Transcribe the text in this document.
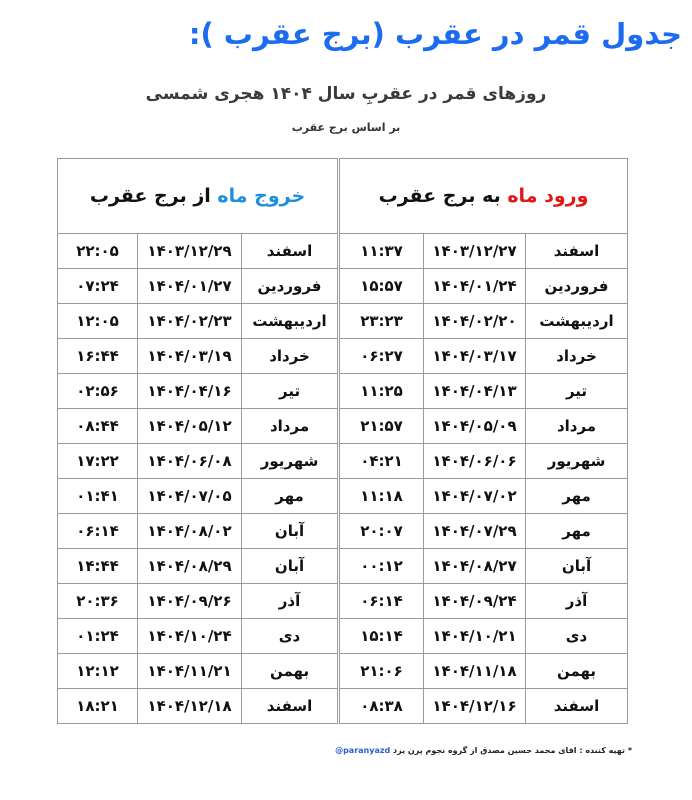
جدول قمر در عقرب (برج عقرب ):
روزهای قمر در عقربِ سال ۱۴۰۴ هجری شمسی
بر اساس برج عقرب
ورود ماه به برج عقرب		
اسفند	۱۴۰۳/۱۲/۲۷	۱۱:۳۷
فروردین	۱۴۰۴/۰۱/۲۴	۱۵:۵۷
اردیبهشت	۱۴۰۴/۰۲/۲۰	۲۳:۲۳
خرداد	۱۴۰۴/۰۳/۱۷	۰۶:۲۷
تیر	۱۴۰۴/۰۴/۱۳	۱۱:۲۵
مرداد	۱۴۰۴/۰۵/۰۹	۲۱:۵۷
شهریور	۱۴۰۴/۰۶/۰۶	۰۴:۲۱
مهر	۱۴۰۴/۰۷/۰۲	۱۱:۱۸
مهر	۱۴۰۴/۰۷/۲۹	۲۰:۰۷
آبان	۱۴۰۴/۰۸/۲۷	۰۰:۱۲
آذر	۱۴۰۴/۰۹/۲۴	۰۶:۱۴
دی	۱۴۰۴/۱۰/۲۱	۱۵:۱۴
بهمن	۱۴۰۴/۱۱/۱۸	۲۱:۰۶
اسفند	۱۴۰۴/۱۲/۱۶	۰۸:۳۸
خروج ماه از برج عقرب		
اسفند	۱۴۰۳/۱۲/۲۹	۲۲:۰۵
فروردین	۱۴۰۴/۰۱/۲۷	۰۷:۲۴
اردیبهشت	۱۴۰۴/۰۲/۲۳	۱۲:۰۵
خرداد	۱۴۰۴/۰۳/۱۹	۱۶:۴۴
تیر	۱۴۰۴/۰۴/۱۶	۰۲:۵۶
مرداد	۱۴۰۴/۰۵/۱۲	۰۸:۴۴
شهریور	۱۴۰۴/۰۶/۰۸	۱۷:۲۲
مهر	۱۴۰۴/۰۷/۰۵	۰۱:۴۱
آبان	۱۴۰۴/۰۸/۰۲	۰۶:۱۴
آبان	۱۴۰۴/۰۸/۲۹	۱۴:۴۴
آذر	۱۴۰۴/۰۹/۲۶	۲۰:۳۶
دی	۱۴۰۴/۱۰/۲۴	۰۱:۲۴
بهمن	۱۴۰۴/۱۱/۲۱	۱۲:۱۲
اسفند	۱۴۰۴/۱۲/۱۸	۱۸:۲۱
* تهیه کننده : اقای محمد حسین مصدق از گروه نجوم پرن یزد @paranyazd
